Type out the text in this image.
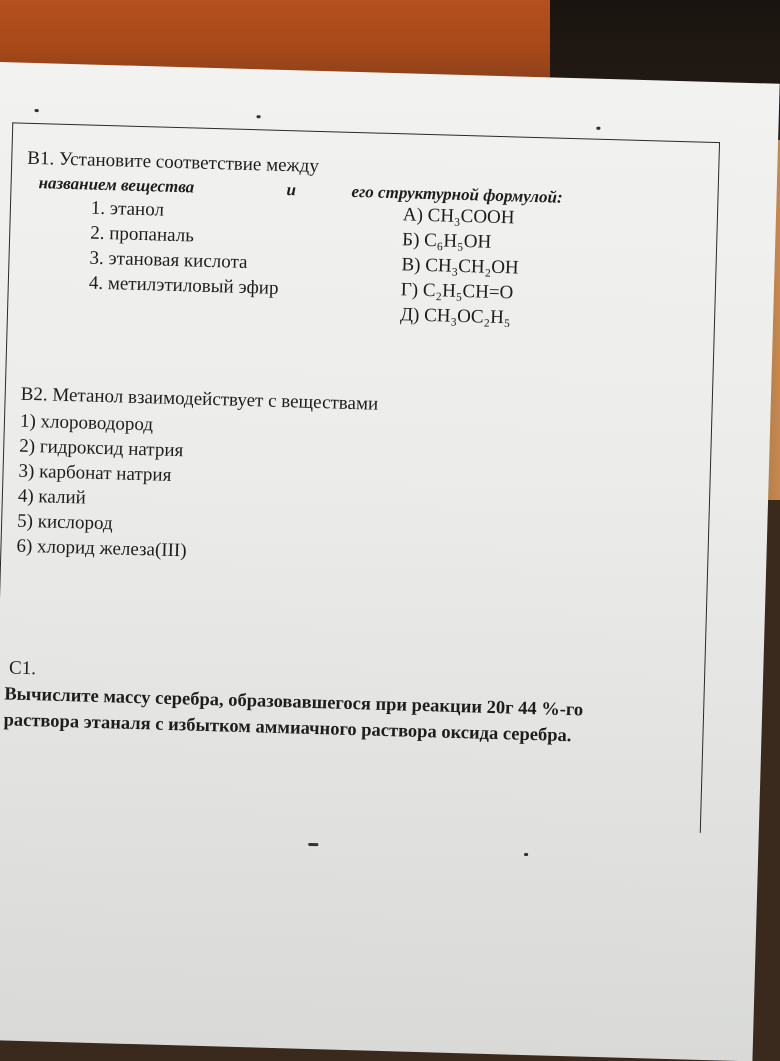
B1. Установите соответствие между
названием вещества	и	его структурной формулой:
1. этанол
2. пропаналь
3. этановая кислота
4. метилэтиловый эфир
А) CH₃COOH
Б) C₆H₅OH
В) CH₃CH₂OH
Г) C₂H₅CH=O
Д) CH₃OC₂H₅
B2. Метанол взаимодействует с веществами
1) хлороводород
2) гидроксид натрия
3) карбонат натрия
4) калий
5) кислород
6) хлорид железа(III)
C1.
Вычислите массу серебра, образовавшегося при реакции 20г 44 %-го
раствора этаналя с избытком аммиачного раствора оксида серебра.
